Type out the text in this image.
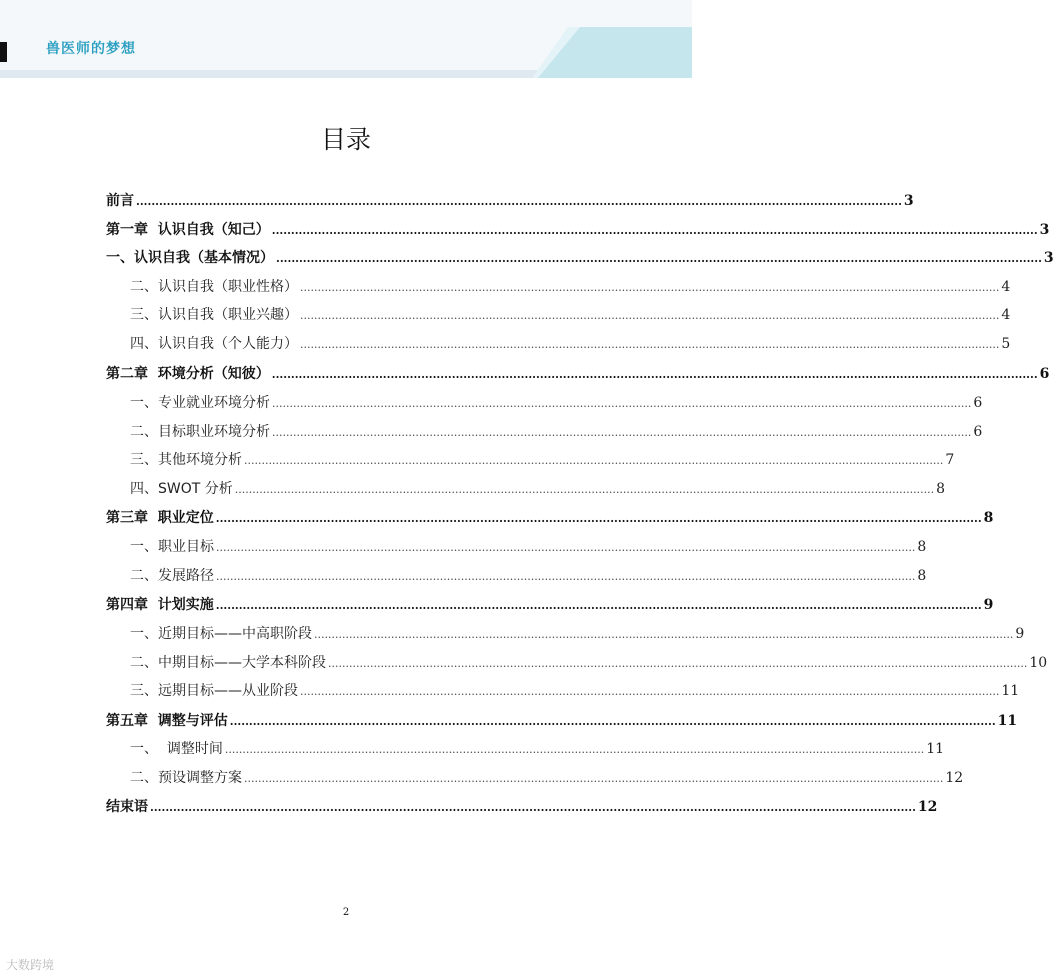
兽医师的梦想
目录
前言 ........................................................................................................................................................................................................ 3
第一章  认识自我（知己） ........................................................................................................................................................................................................ 3
一、认识自我（基本情况） ........................................................................................................................................................................................................ 3
二、认识自我（职业性格） ........................................................................................................................................................................................................ 4
三、认识自我（职业兴趣） ........................................................................................................................................................................................................ 4
四、认识自我（个人能力） ........................................................................................................................................................................................................ 5
第二章  环境分析（知彼） ........................................................................................................................................................................................................ 6
一、专业就业环境分析 ........................................................................................................................................................................................................ 6
二、目标职业环境分析 ........................................................................................................................................................................................................ 6
三、其他环境分析 ........................................................................................................................................................................................................ 7
四、SWOT 分析 ........................................................................................................................................................................................................ 8
第三章  职业定位 ........................................................................................................................................................................................................ 8
一、职业目标 ........................................................................................................................................................................................................ 8
二、发展路径 ........................................................................................................................................................................................................ 8
第四章  计划实施 ........................................................................................................................................................................................................ 9
一、近期目标——中高职阶段 ........................................................................................................................................................................................................ 9
二、中期目标——大学本科阶段 ........................................................................................................................................................................................................ 10
三、远期目标——从业阶段 ........................................................................................................................................................................................................ 11
第五章  调整与评估 ........................................................................................................................................................................................................ 11
一、  调整时间 ........................................................................................................................................................................................................ 11
二、预设调整方案 ........................................................................................................................................................................................................ 12
结束语 ........................................................................................................................................................................................................ 12
2
大数跨境
